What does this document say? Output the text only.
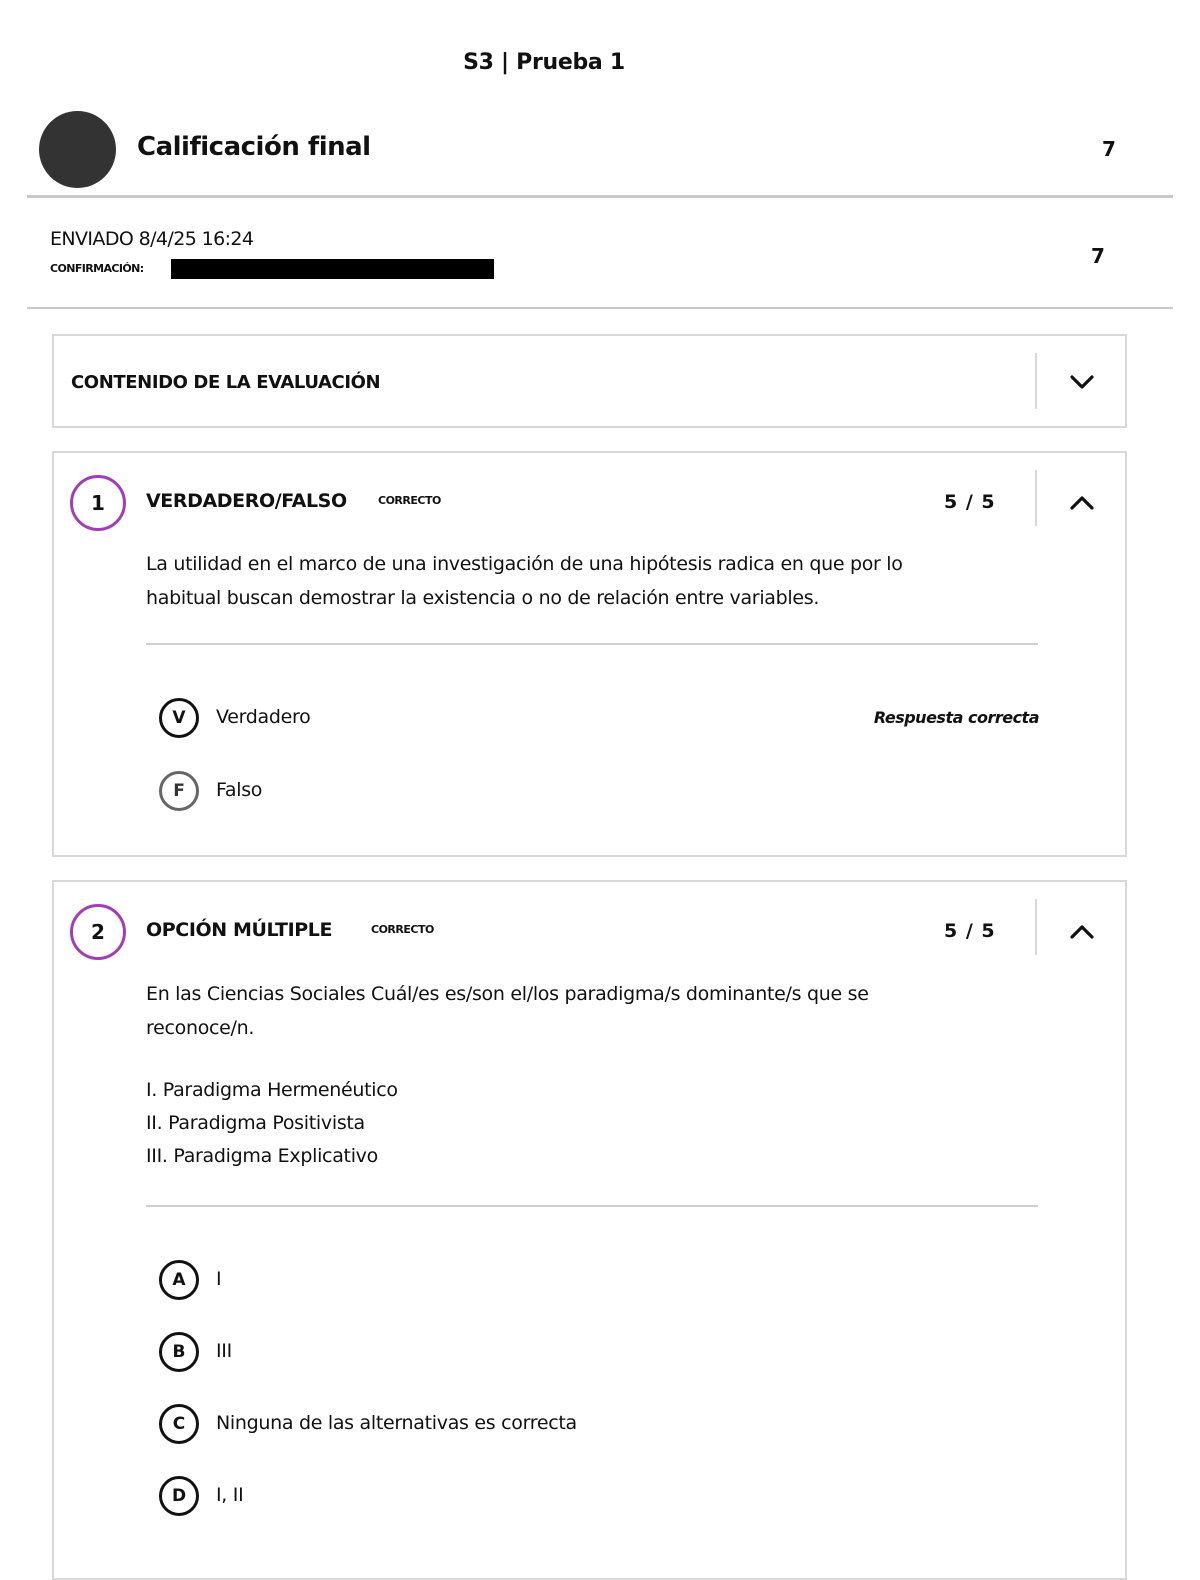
S3 | Prueba 1
Calificación final	7
ENVIADO 8/4/25 16:24
CONFIRMACIÓN:
7
CONTENIDO DE LA EVALUACIÓN
1	VERDADERO/FALSO	CORRECTO	5 / 5
La utilidad en el marco de una investigación de una hipótesis radica en que por lo
habitual buscan demostrar la existencia o no de relación entre variables.
V	Verdadero	Respuesta correcta
F	Falso
2	OPCIÓN MÚLTIPLE	CORRECTO	5 / 5
En las Ciencias Sociales Cuál/es es/son el/los paradigma/s dominante/s que se
reconoce/n.
I. Paradigma Hermenéutico
II. Paradigma Positivista
III. Paradigma Explicativo
A	I
B	III
C	Ninguna de las alternativas es correcta
D	I, II
